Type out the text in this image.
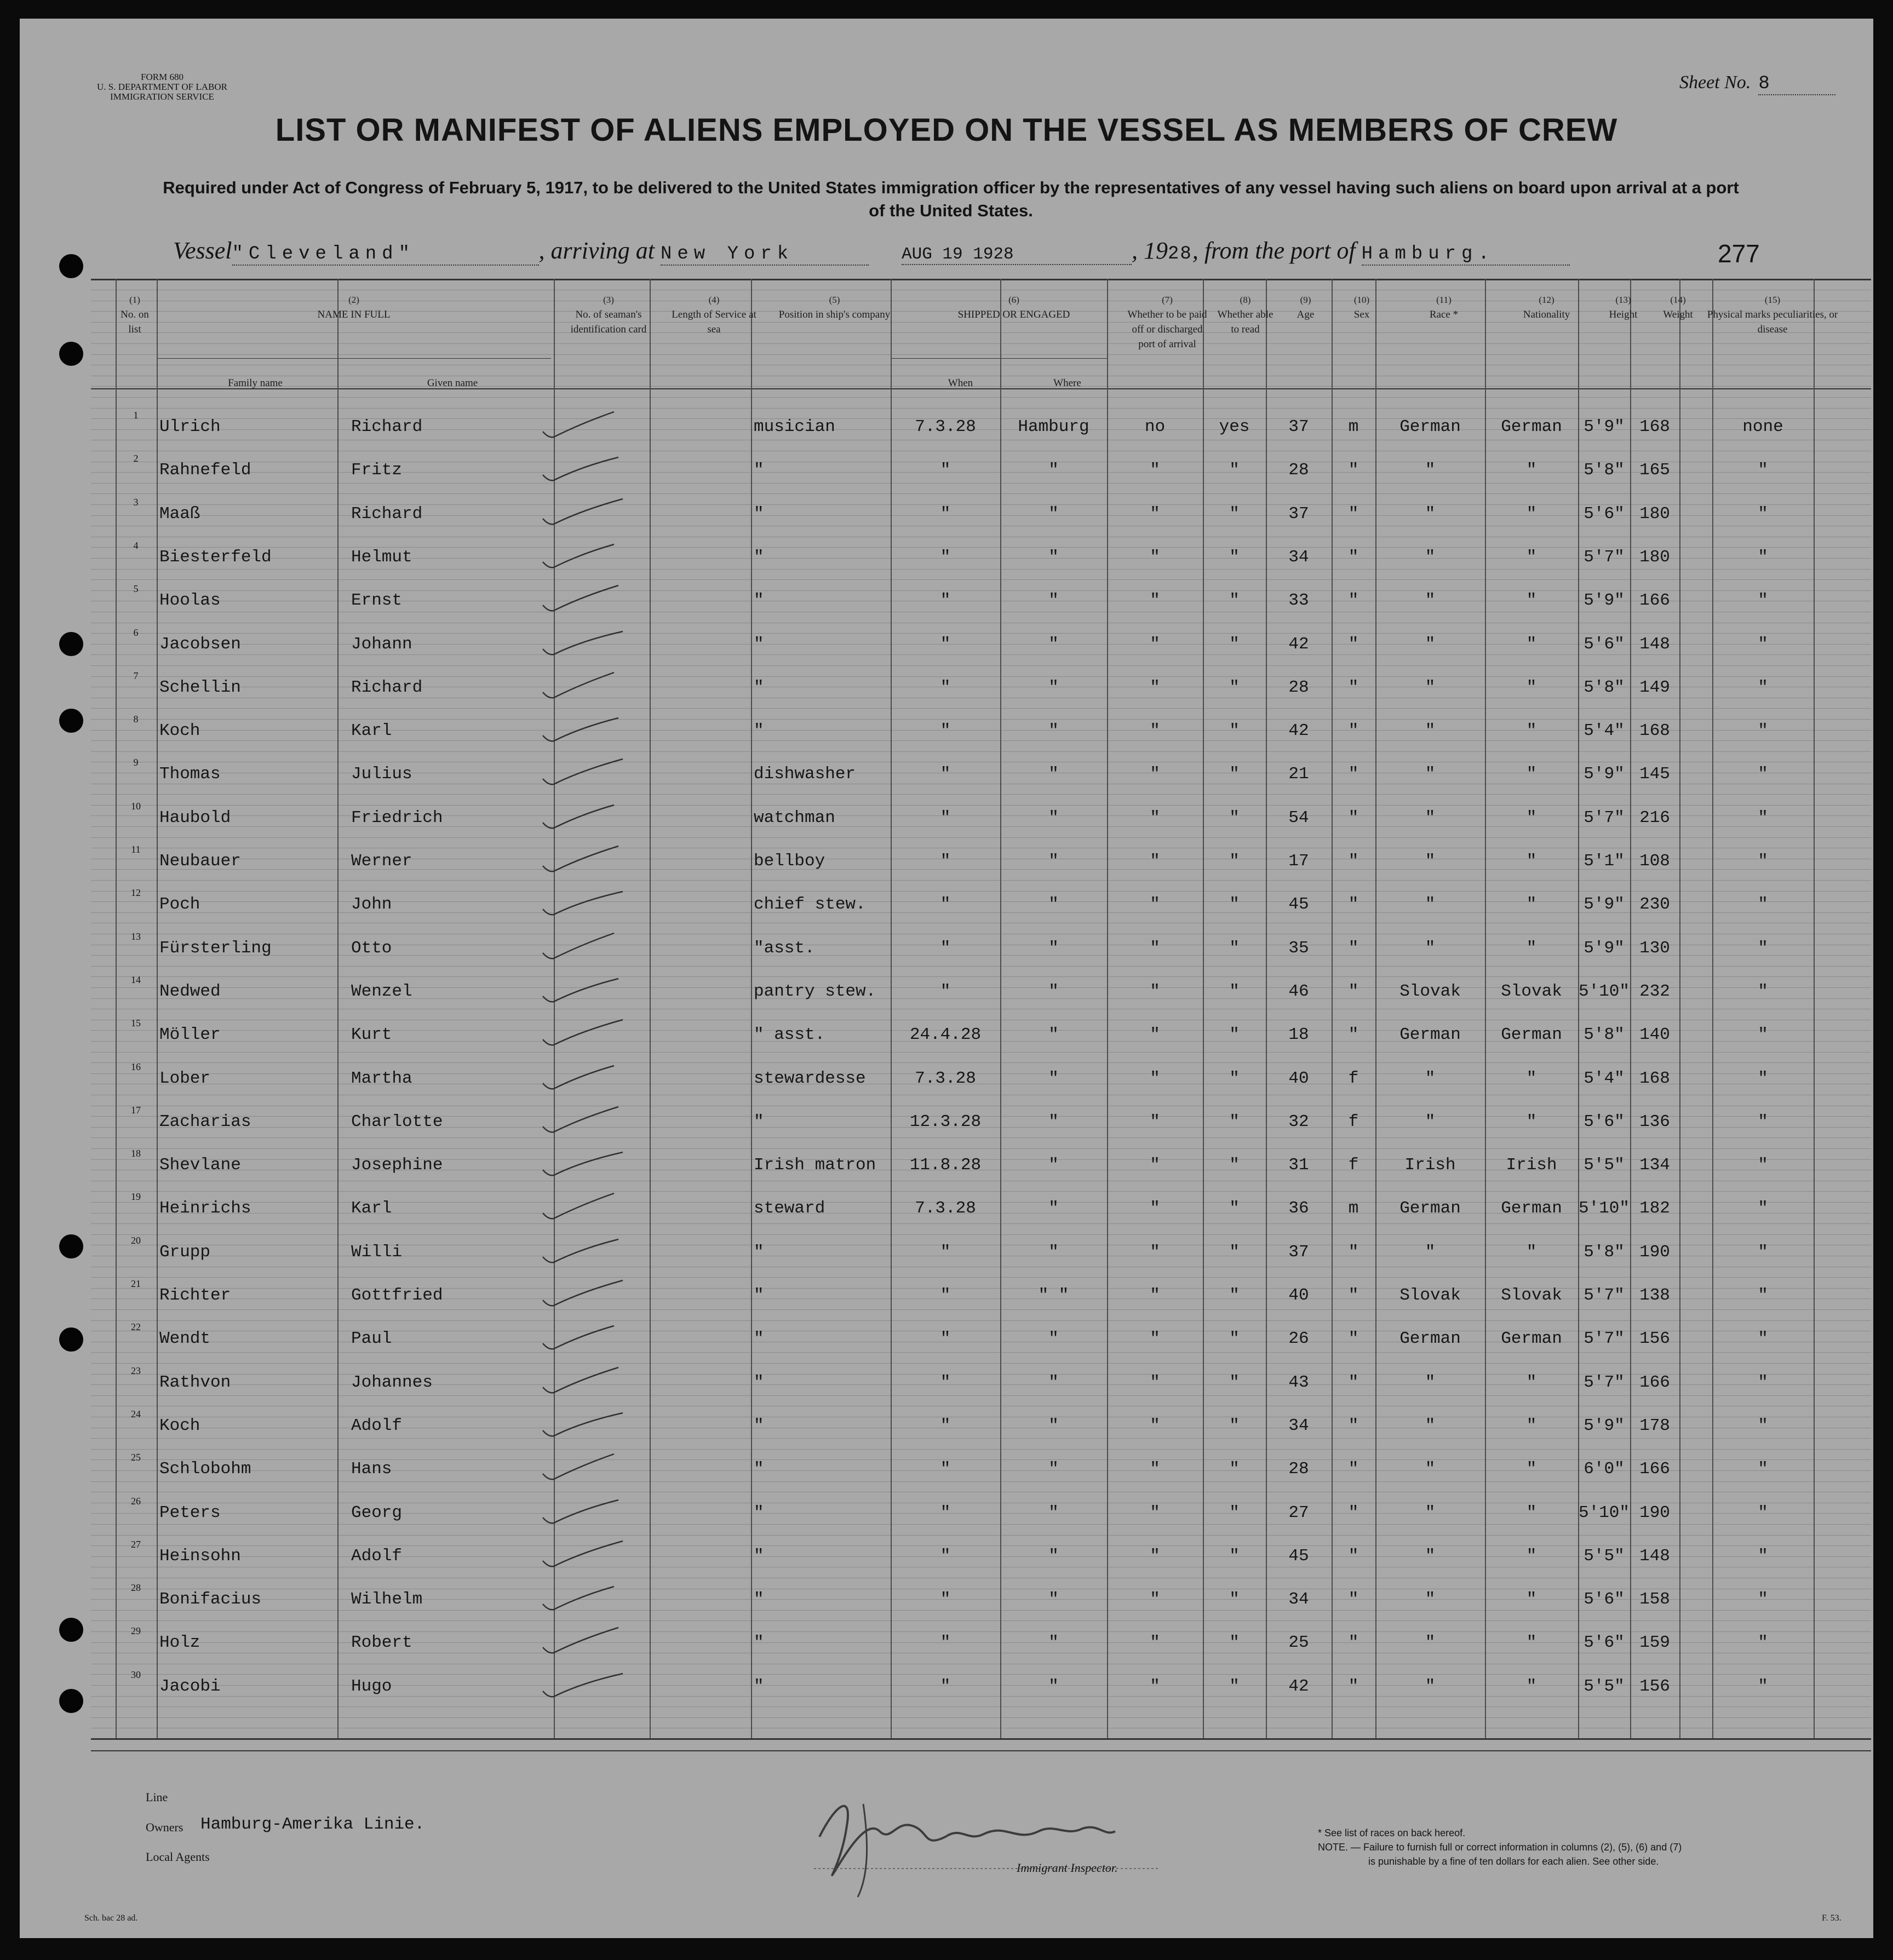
FORM 680
U. S. DEPARTMENT OF LABOR
IMMIGRATION SERVICE
Sheet No. 8
LIST OR MANIFEST OF ALIENS EMPLOYED ON THE VESSEL AS MEMBERS OF CREW
Required under Act of Congress of February 5, 1917, to be delivered to the United States immigration officer by the representatives of any vessel having such aliens on board upon arrival at a port of the United States.
Vessel"Cleveland"	, arriving at New York	AUG 19 1928	, 1928, from the port of Hamburg.	277
(1)
No. on list
(2)
NAME IN FULL
Family name	Given name
(3)
No. of seaman's identification card
(4)
Length of Service at sea
(5)
Position in ship's company
(6)
SHIPPED OR ENGAGED
When	Where
(7)
Whether to be paid off or discharged port of arrival
(8)
Whether able to read
(9)
Age
(10)
Sex
(11)
Race *
(12)
Nationality
(13)
Height
(14)
Weight
(15)
Physical marks peculiarities, or disease
1
Ulrich	Richard	musician	7.3.28	Hamburg	no	yes	37	m	German	German	5'9" 168	none
2
Rahnefeld	Fritz	"	"	"	"	"	28	"	"	"	5'8" 165	"
3
Maaß	Richard	"	"	"	"	"	37	"	"	"	5'6" 180	"
4
Biesterfeld	Helmut	"	"	"	"	"	34	"	"	"	5'7" 180	"
5
Hoolas	Ernst	"	"	"	"	"	33	"	"	"	5'9" 166	"
6
Jacobsen	Johann	"	"	"	"	"	42	"	"	"	5'6" 148	"
7
Schellin	Richard	"	"	"	"	"	28	"	"	"	5'8" 149	"
8
Koch	Karl	"	"	"	"	"	42	"	"	"	5'4" 168	"
9
Thomas	Julius	dishwasher	"	"	"	"	21	"	"	"	5'9" 145	"
10
Haubold	Friedrich	watchman	"	"	"	"	54	"	"	"	5'7" 216	"
11
Neubauer	Werner	bellboy	"	"	"	"	17	"	"	"	5'1" 108	"
12
Poch	John	chief stew.	"	"	"	"	45	"	"	"	5'9" 230	"
13
Fürsterling	Otto	"asst.	"	"	"	"	35	"	"	"	5'9" 130	"
14
Nedwed	Wenzel	pantry stew.	"	"	"	"	46	"	Slovak	Slovak 5'10" 232	"
15
Möller	Kurt	" asst.	24.4.28	"	"	"	18	"	German	German	5'8" 140	"
16
Lober	Martha	stewardesse	7.3.28	"	"	"	40	f	"	"	5'4" 168	"
17
Zacharias	Charlotte	"	12.3.28	"	"	"	32	f	"	"	5'6" 136	"
18
Shevlane	Josephine	Irish matron	11.8.28	"	"	"	31	f	Irish	Irish	5'5" 134	"
19
Heinrichs	Karl	steward	7.3.28	"	"	"	36	m	German	German 5'10" 182	"
20
Grupp	Willi	"	"	"	"	"	37	"	"	"	5'8" 190	"
21
Richter	Gottfried	"	"	" "	"	"	40	"	Slovak	Slovak	5'7" 138	"
22
Wendt	Paul	"	"	"	"	"	26	"	German	German	5'7" 156	"
23
Rathvon	Johannes	"	"	"	"	"	43	"	"	"	5'7" 166	"
24
Koch	Adolf	"	"	"	"	"	34	"	"	"	5'9" 178	"
25
Schlobohm	Hans	"	"	"	"	"	28	"	"	"	6'0" 166	"
26
Peters	Georg	"	"	"	"	"	27	"	"	"	5'10" 190	"
27
Heinsohn	Adolf	"	"	"	"	"	45	"	"	"	5'5" 148	"
28
Bonifacius	Wilhelm	"	"	"	"	"	34	"	"	"	5'6" 158	"
29
Holz	Robert	"	"	"	"	"	25	"	"	"	5'6" 159	"
30
Jacobi	Hugo	"	"	"	"	"	42	"	"	"	5'5" 156	"
Line
Owners Hamburg-Amerika Linie.
Local Agents
Immigrant Inspector.
* See list of races on back hereof.
NOTE. — Failure to furnish full or correct information in columns (2), (5), (6) and (7)
is punishable by a fine of ten dollars for each alien. See other side.
Sch. bac 28 ad.	F. 53.
